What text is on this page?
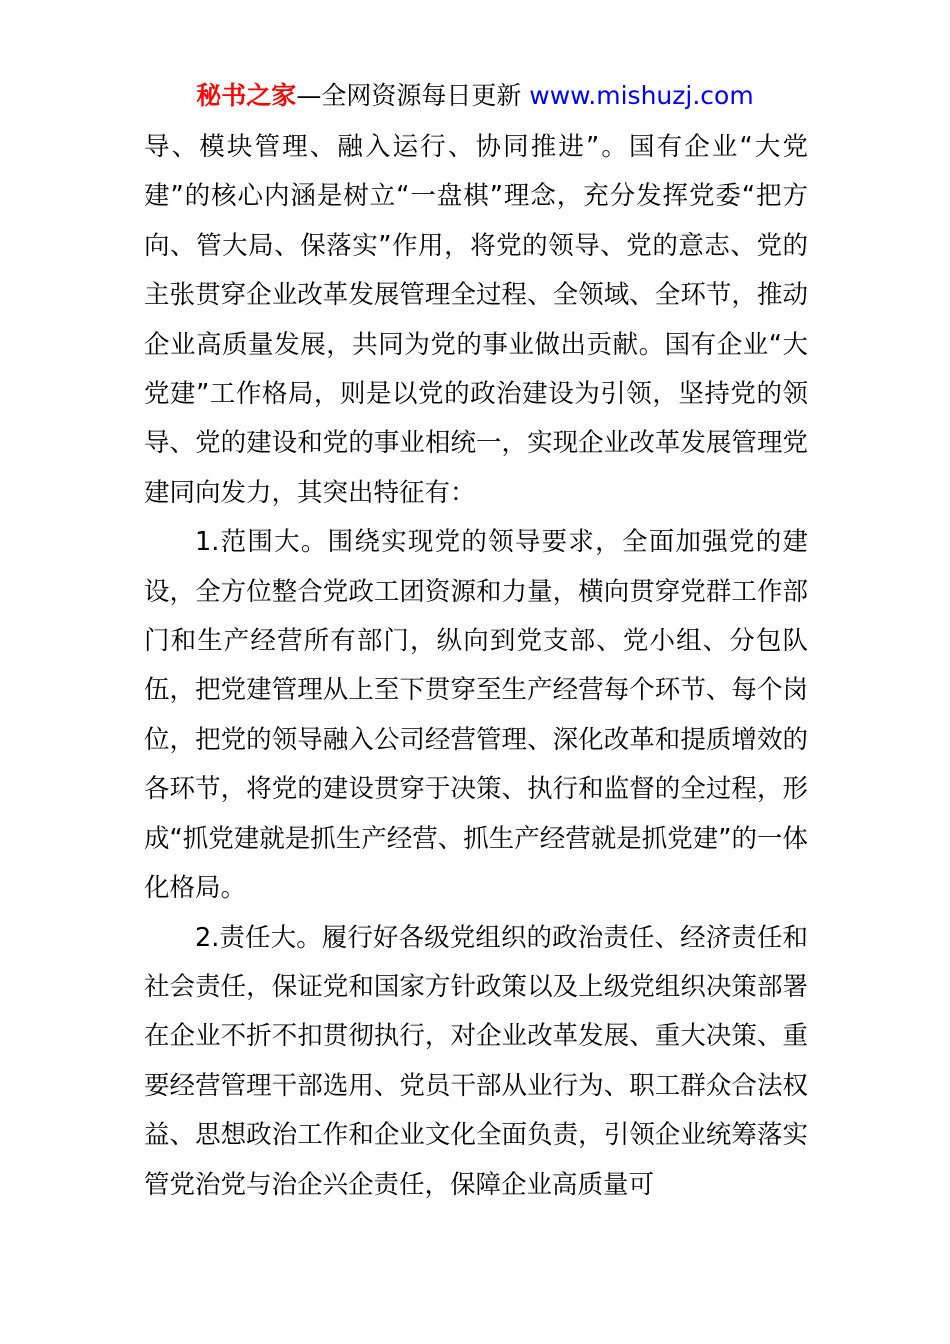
秘书之家—全网资源每日更新 www.mishuzj.com

导、模块管理、融入运行、协同推进”。国有企业“大党建”的核心内涵是树立“一盘棋”理念，充分发挥党委“把方向、管大局、保落实”作用，将党的领导、党的意志、党的主张贯穿企业改革发展管理全过程、全领域、全环节，推动企业高质量发展，共同为党的事业做出贡献。国有企业“大党建”工作格局，则是以党的政治建设为引领，坚持党的领导、党的建设和党的事业相统一，实现企业改革发展管理党建同向发力，其突出特征有：

1.范围大。围绕实现党的领导要求，全面加强党的建设，全方位整合党政工团资源和力量，横向贯穿党群工作部门和生产经营所有部门，纵向到党支部、党小组、分包队伍，把党建管理从上至下贯穿至生产经营每个环节、每个岗位，把党的领导融入公司经营管理、深化改革和提质增效的各环节，将党的建设贯穿于决策、执行和监督的全过程，形成“抓党建就是抓生产经营、抓生产经营就是抓党建”的一体化格局。

2.责任大。履行好各级党组织的政治责任、经济责任和社会责任，保证党和国家方针政策以及上级党组织决策部署在企业不折不扣贯彻执行，对企业改革发展、重大决策、重要经营管理干部选用、党员干部从业行为、职工群众合法权益、思想政治工作和企业文化全面负责，引领企业统筹落实管党治党与治企兴企责任，保障企业高质量可
